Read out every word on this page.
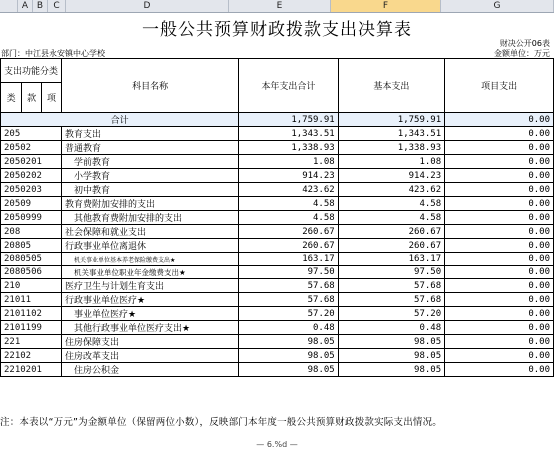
A B	C	D	E	F	G
一般公共预算财政拨款支出决算表
财决公开06表
部门：中江县永安镇中心学校	金额单位：万元
支出功能分类			科目名称	本年支出合计	基本支出	项目支出
类	款	项				
合计				1,759.91	1,759.91	0.00
205			教育支出	1,343.51	1,343.51	0.00
20502			普通教育	1,338.93	1,338.93	0.00
2050201			学前教育	1.08	1.08	0.00
2050202			小学教育	914.23	914.23	0.00
2050203			初中教育	423.62	423.62	0.00
20509			教育费附加安排的支出	4.58	4.58	0.00
2050999			其他教育费附加安排的支出	4.58	4.58	0.00
208			社会保障和就业支出	260.67	260.67	0.00
20805			行政事业单位离退休	260.67	260.67	0.00
2080505			机关事业单位基本养老保险缴费支出★	163.17	163.17	0.00
2080506			机关事业单位职业年金缴费支出★	97.50	97.50	0.00
210			医疗卫生与计划生育支出	57.68	57.68	0.00
21011			行政事业单位医疗★	57.68	57.68	0.00
2101102			事业单位医疗★	57.20	57.20	0.00
2101199			其他行政事业单位医疗支出★	0.48	0.48	0.00
221			住房保障支出	98.05	98.05	0.00
22102			住房改革支出	98.05	98.05	0.00
2210201			住房公积金	98.05	98.05	0.00
注：本表以“万元”为金额单位（保留两位小数），反映部门本年度一般公共预算财政拨款实际支出情况。
— 6.%d —
